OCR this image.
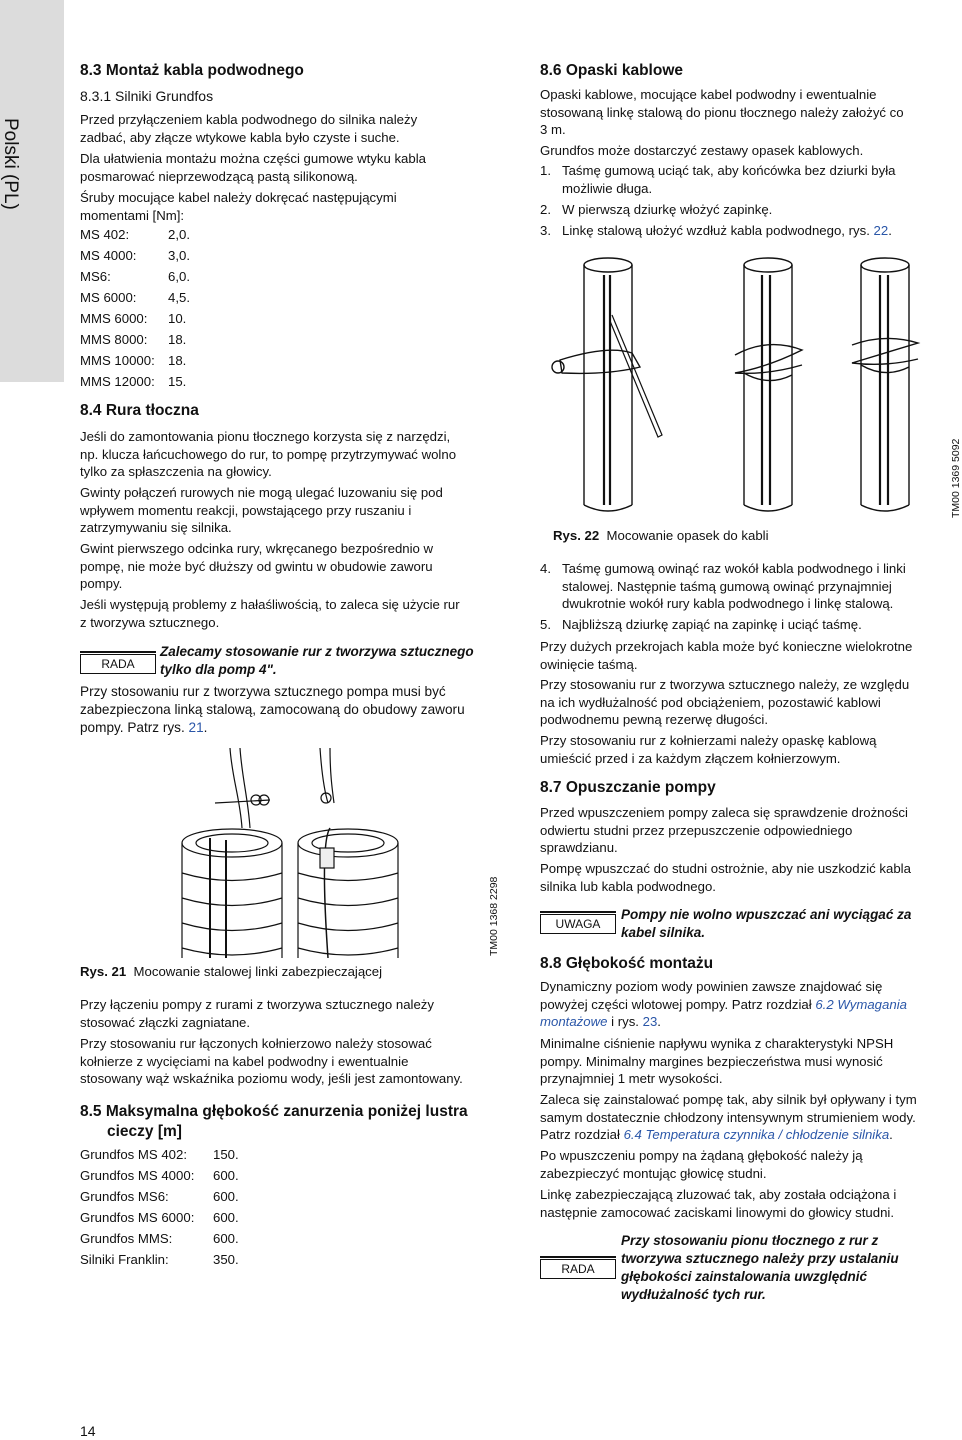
Polski (PL)
8.3 Montaż kabla podwodnego
8.3.1 Silniki Grundfos
Przed przyłączeniem kabla podwodnego do silnika należy
zadbać, aby złącze wtykowe kabla było czyste i suche.
Dla ułatwienia montażu można części gumowe wtyku kabla
posmarować nieprzewodzącą pastą silikonową.
Śruby mocujące kabel należy dokręcać następującymi
momentami [Nm]:
MS 402:	2,0.
MS 4000: 3,0.
MS6:	6,0.
MS 6000: 4,5.
MMS 6000: 10.
MMS 8000: 18.
MMS 10000: 18.
MMS 12000: 15.
8.4 Rura tłoczna
Jeśli do zamontowania pionu tłocznego korzysta się z narzędzi,
np. klucza łańcuchowego do rur, to pompę przytrzymywać wolno
tylko za spłaszczenia na głowicy.
Gwinty połączeń rurowych nie mogą ulegać luzowaniu się pod
wpływem momentu reakcji, powstającego przy ruszaniu i
zatrzymywaniu się silnika.
Gwint pierwszego odcinka rury, wkręcanego bezpośrednio w
pompę, nie może być dłuższy od gwintu w obudowie zaworu
pompy.
Jeśli występują problemy z hałaśliwością, to zaleca się użycie rur
z tworzywa sztucznego.
RADA
Zalecamy stosowanie rur z tworzywa sztucznego
tylko dla pomp 4".
Przy stosowaniu rur z tworzywa sztucznego pompa musi być
zabezpieczona linką stalową, zamocowaną do obudowy zaworu
pompy. Patrz rys. 21.
TM00 1368 2298
Rys. 21 Mocowanie stalowej linki zabezpieczającej
Przy łączeniu pompy z rurami z tworzywa sztucznego należy
stosować złączki zagniatane.
Przy stosowaniu rur łączonych kołnierzowo należy stosować
kołnierze z wycięciami na kabel podwodny i ewentualnie
stosowany wąż wskaźnika poziomu wody, jeśli jest zamontowany.
8.5 Maksymalna głębokość zanurzenia poniżej lustra
cieczy [m]
Grundfos MS 402: 150.
Grundfos MS 4000: 600.
Grundfos MS6:	600.
Grundfos MS 6000: 600.
Grundfos MMS:	600.
Silniki Franklin:	350.
14
8.6 Opaski kablowe
Opaski kablowe, mocujące kabel podwodny i ewentualnie
stosowaną linkę stalową do pionu tłocznego należy założyć co
3 m.
Grundfos może dostarczyć zestawy opasek kablowych.
1. Taśmę gumową uciąć tak, aby końcówka bez dziurki była
możliwie długa.
2. W pierwszą dziurkę włożyć zapinkę.
3. Linkę stalową ułożyć wzdłuż kabla podwodnego, rys. 22.
TM00 1369 5092
Rys. 22 Mocowanie opasek do kabli
4. Taśmę gumową owinąć raz wokół kabla podwodnego i linki
stalowej. Następnie taśmą gumową owinąć przynajmniej
dwukrotnie wokół rury kabla podwodnego i linkę stalową.
5. Najbliższą dziurkę zapiąć na zapinkę i uciąć taśmę.
Przy dużych przekrojach kabla może być konieczne wielokrotne
owinięcie taśmą.
Przy stosowaniu rur z tworzywa sztucznego należy, ze względu
na ich wydłużalność pod obciążeniem, pozostawić kablowi
podwodnemu pewną rezerwę długości.
Przy stosowaniu rur z kołnierzami należy opaskę kablową
umieścić przed i za każdym złączem kołnierzowym.
8.7 Opuszczanie pompy
Przed wpuszczeniem pompy zaleca się sprawdzenie drożności
odwiertu studni przez przepuszczenie odpowiedniego
sprawdzianu.
Pompę wpuszczać do studni ostrożnie, aby nie uszkodzić kabla
silnika lub kabla podwodnego.
UWAGA
Pompy nie wolno wpuszczać ani wyciągać za
kabel silnika.
8.8 Głębokość montażu
Dynamiczny poziom wody powinien zawsze znajdować się
powyżej części wlotowej pompy. Patrz rozdział 6.2 Wymagania
montażowe i rys. 23.
Minimalne ciśnienie napływu wynika z charakterystyki NPSH
pompy. Minimalny margines bezpieczeństwa musi wynosić
przynajmniej 1 metr wysokości.
Zaleca się zainstalować pompę tak, aby silnik był opływany i tym
samym dostatecznie chłodzony intensywnym strumieniem wody.
Patrz rozdział 6.4 Temperatura czynnika / chłodzenie silnika.
Po wpuszczeniu pompy na żądaną głębokość należy ją
zabezpieczyć montując głowicę studni.
Linkę zabezpieczającą zluzować tak, aby została odciążona i
następnie zamocować zaciskami linowymi do głowicy studni.
RADA
Przy stosowaniu pionu tłocznego z rur z
tworzywa sztucznego należy przy ustalaniu
głębokości zainstalowania uwzględnić
wydłużalność tych rur.
